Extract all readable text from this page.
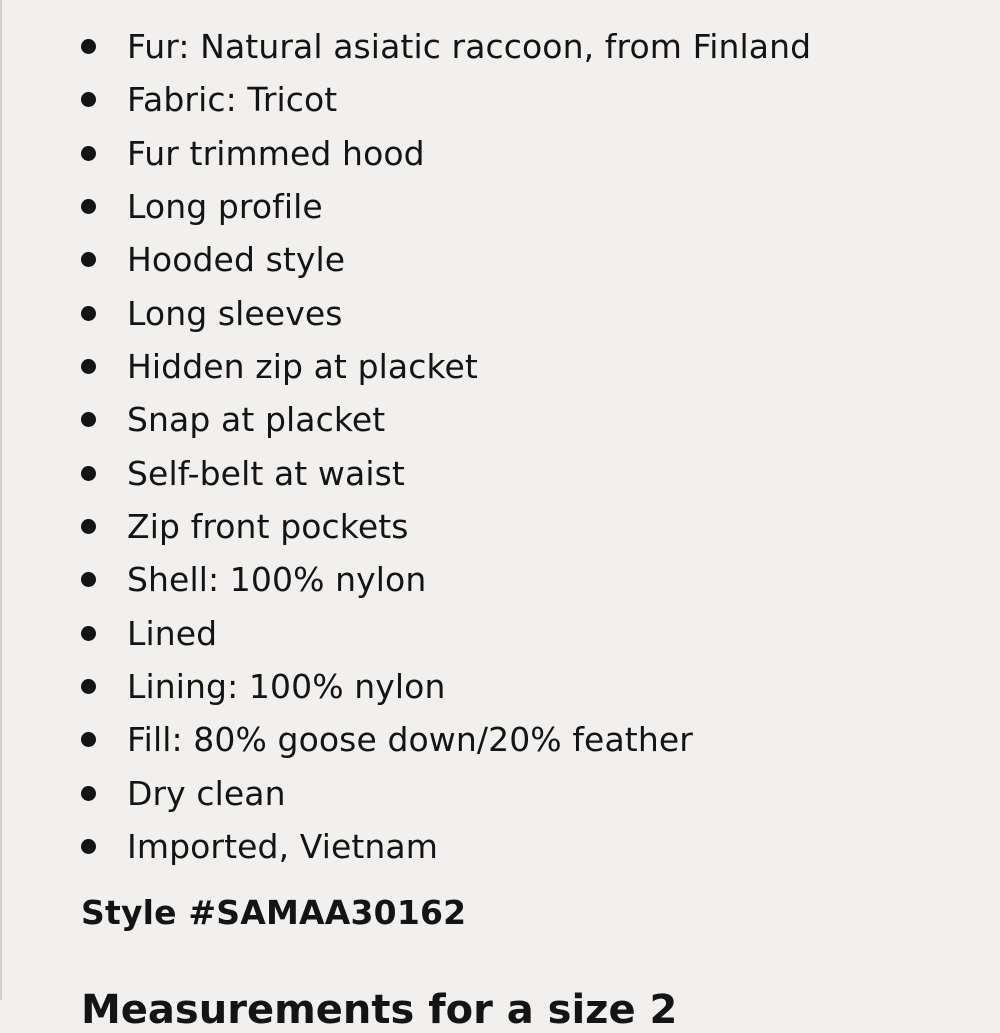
Fur: Natural asiatic raccoon, from Finland
Fabric: Tricot
Fur trimmed hood
Long profile
Hooded style
Long sleeves
Hidden zip at placket
Snap at placket
Self-belt at waist
Zip front pockets
Shell: 100% nylon
Lined
Lining: 100% nylon
Fill: 80% goose down/20% feather
Dry clean
Imported, Vietnam
Style #SAMAA30162
Measurements for a size 2
